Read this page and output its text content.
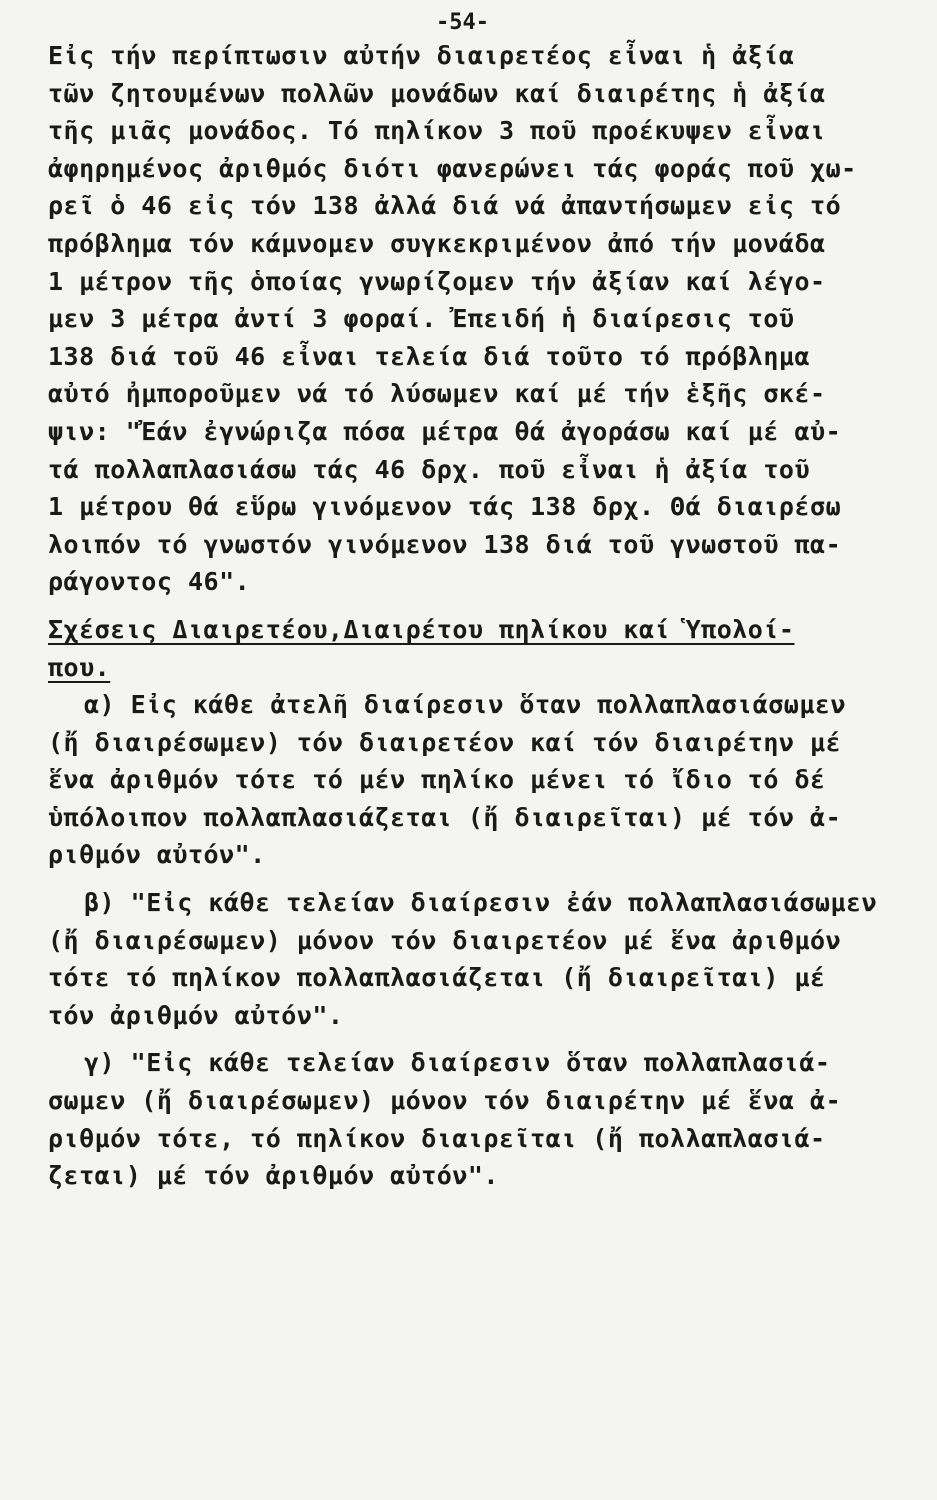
-54-
Εἰς τήν περίπτωσιν αὐτήν διαιρετέος εἶναι ἡ ἀξία
τῶν ζητουμένων πολλῶν μονάδων καί διαιρέτης ἡ ἀξία
τῆς μιᾶς μονάδος. Τό πηλίκον 3 ποῦ προέκυψεν εἶναι
ἀφηρημένος ἀριθμός διότι φανερώνει τάς φοράς ποῦ χω-
ρεῖ ὁ 46 εἰς τόν 138 ἀλλά διά νά ἀπαντήσωμεν εἰς τό
πρόβλημα τόν κάμνομεν συγκεκριμένον ἀπό τήν μονάδα
1 μέτρον τῆς ὁποίας γνωρίζομεν τήν ἀξίαν καί λέγο-
μεν 3 μέτρα ἀντί 3 φοραί. Ἐπειδή ἡ διαίρεσις τοῦ
138 διά τοῦ 46 εἶναι τελεία διά τοῦτο τό πρόβλημα
αὐτό ἠμποροῦμεν νά τό λύσωμεν καί μέ τήν ἑξῆς σκέ-
ψιν: "Ἐάν ἐγνώριζα πόσα μέτρα θά ἀγοράσω καί μέ αὐ-
τά πολλαπλασιάσω τάς 46 δρχ. ποῦ εἶναι ἡ ἀξία τοῦ
1 μέτρου θά εὕρω γινόμενον τάς 138 δρχ. Θά διαιρέσω
λοιπόν τό γνωστόν γινόμενον 138 διά τοῦ γνωστοῦ πα-
ράγοντος 46".
Σχέσεις Διαιρετέου,Διαιρέτου πηλίκου καί Ὑπολοί-
που.
α) Εἰς κάθε ἀτελῆ διαίρεσιν ὅταν πολλαπλασιάσωμεν
(ἤ διαιρέσωμεν) τόν διαιρετέον καί τόν διαιρέτην μέ
ἕνα ἀριθμόν τότε τό μέν πηλίκο μένει τό ἴδιο τό δέ
ὑπόλοιπον πολλαπλασιάζεται (ἤ διαιρεῖται) μέ τόν ἀ-
ριθμόν αὐτόν".
β) "Εἰς κάθε τελείαν διαίρεσιν ἐάν πολλαπλασιάσωμεν
(ἤ διαιρέσωμεν) μόνον τόν διαιρετέον μέ ἕνα ἀριθμόν
τότε τό πηλίκον πολλαπλασιάζεται (ἤ διαιρεῖται) μέ
τόν ἀριθμόν αὐτόν".
γ) "Εἰς κάθε τελείαν διαίρεσιν ὅταν πολλαπλασιά-
σωμεν (ἤ διαιρέσωμεν) μόνον τόν διαιρέτην μέ ἕνα ἀ-
ριθμόν τότε, τό πηλίκον διαιρεῖται (ἤ πολλαπλασιά-
ζεται) μέ τόν ἀριθμόν αὐτόν".
